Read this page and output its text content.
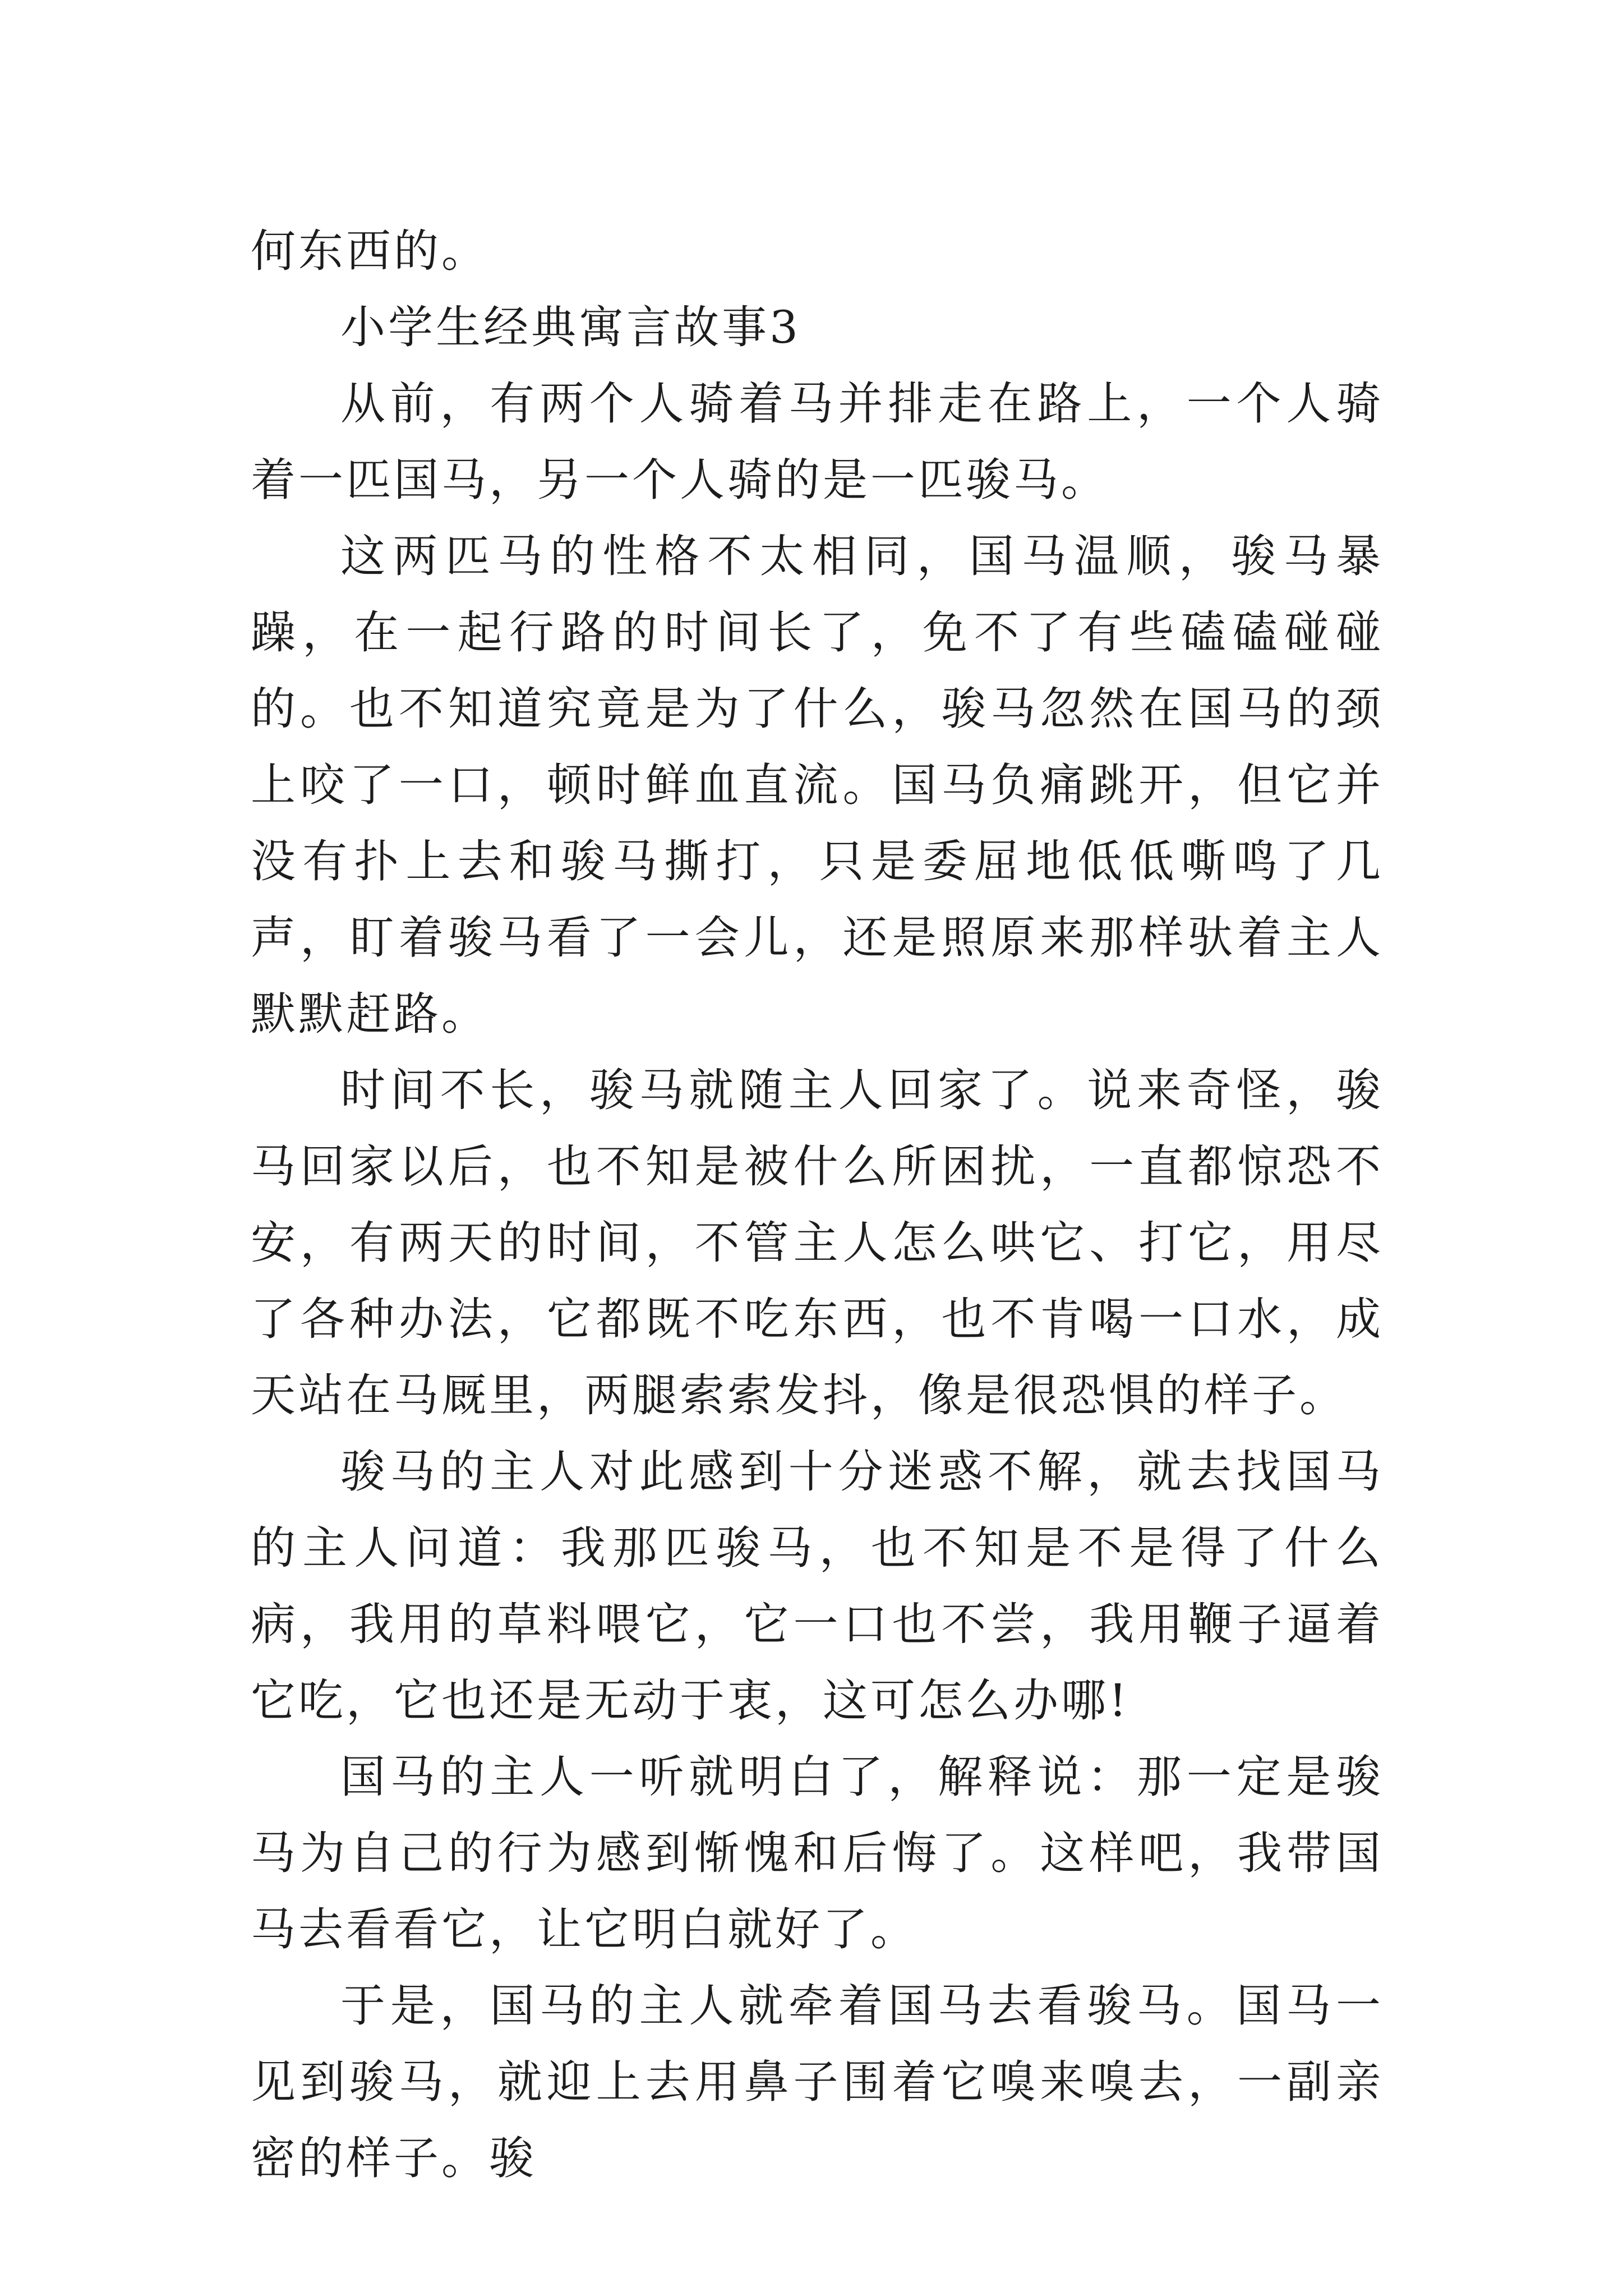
何东西的。

小学生经典寓言故事3

从前，有两个人骑着马并排走在路上，一个人骑着一匹国马，另一个人骑的是一匹骏马。

这两匹马的性格不太相同，国马温顺，骏马暴躁，在一起行路的时间长了，免不了有些磕磕碰碰的。也不知道究竟是为了什么，骏马忽然在国马的颈上咬了一口，顿时鲜血直流。国马负痛跳开，但它并没有扑上去和骏马撕打，只是委屈地低低嘶鸣了几声，盯着骏马看了一会儿，还是照原来那样驮着主人默默赶路。

时间不长，骏马就随主人回家了。说来奇怪，骏马回家以后，也不知是被什么所困扰，一直都惊恐不安，有两天的时间，不管主人怎么哄它、打它，用尽了各种办法，它都既不吃东西，也不肯喝一口水，成天站在马厩里，两腿索索发抖，像是很恐惧的样子。

骏马的主人对此感到十分迷惑不解，就去找国马的主人问道：我那匹骏马，也不知是不是得了什么病，我用的草料喂它，它一口也不尝，我用鞭子逼着它吃，它也还是无动于衷，这可怎么办哪!

国马的主人一听就明白了，解释说：那一定是骏马为自己的行为感到惭愧和后悔了。这样吧，我带国马去看看它，让它明白就好了。

于是，国马的主人就牵着国马去看骏马。国马一见到骏马，就迎上去用鼻子围着它嗅来嗅去，一副亲密的样子。骏
